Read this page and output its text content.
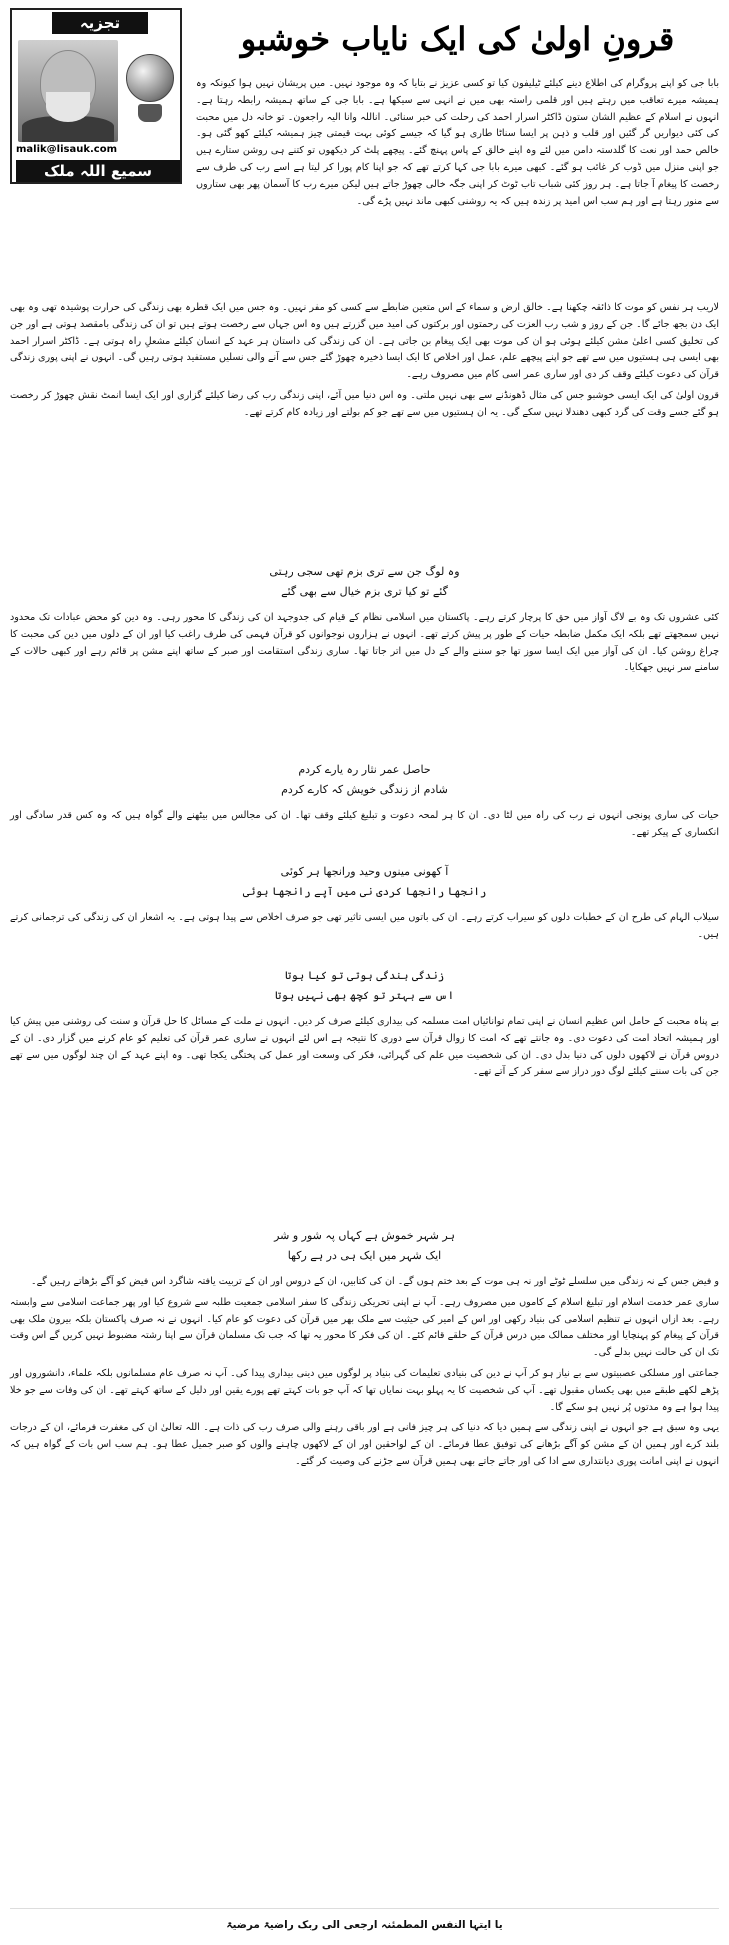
تجزیہ
malik@lisauk.com
سمیع اللہ ملک
قرونِ اولیٰ کی ایک نایاب خوشبو

بابا جی کو اپنے پروگرام کی اطلاع دینے کیلئے ٹیلیفون کیا تو کسی عزیز نے بتایا کہ وہ موجود نہیں۔ میں پریشان نہیں ہوا کیونکہ وہ ہمیشہ میرے تعاقب میں رہتے ہیں اور قلمی راستہ بھی میں نے انہی سے سیکھا ہے۔ بابا جی کے ساتھ ہمیشہ رابطہ رہتا ہے۔ انہوں نے اسلام کے عظیم الشان ستون ڈاکٹر اسرار احمد کی رحلت کی خبر سنائی۔ اناللہ وانا الیہ راجعون۔ تو خانہ دل میں محبت کی کئی دیواریں گر گئیں اور قلب و ذہن پر ایسا سناٹا طاری ہو گیا کہ جیسے کوئی بہت قیمتی چیز ہمیشہ کیلئے کھو گئی ہو۔ خالص حمد اور نعت کا گلدستہ دامن میں لئے وہ اپنے خالق کے پاس پہنچ گئے۔ پیچھے پلٹ کر دیکھوں تو کتنے ہی روشن ستارے ہیں جو اپنی منزل میں ڈوب کر غائب ہو گئے۔ کبھی میرے بابا جی کہا کرتے تھے کہ جو اپنا کام پورا کر لیتا ہے اسے رب کی طرف سے رخصت کا پیغام آ جاتا ہے۔ ہر روز کئی شباب تاب ٹوٹ کر اپنی جگہ خالی چھوڑ جاتے ہیں لیکن میرے رب کا آسمان پھر بھی ستاروں سے منور رہتا ہے اور ہم سب اس امید پر زندہ ہیں کہ یہ روشنی کبھی ماند نہیں پڑے گی۔

لاریب ہر نفس کو موت کا ذائقہ چکھنا ہے۔ خالق ارض و سماء کے اس متعین ضابطے سے کسی کو مفر نہیں۔ وہ جس میں ایک قطرہ بھی زندگی کی حرارت پوشیدہ تھی وہ بھی ایک دن بجھ جائے گا۔ جن کے روز و شب رب العزت کی رحمتوں اور برکتوں کی امید میں گزرتے ہیں وہ اس جہاں سے رخصت ہوتے ہیں تو ان کی زندگی بامقصد ہوتی ہے اور جن کی تخلیق کسی اعلیٰ مشن کیلئے ہوئی ہو ان کی موت بھی ایک پیغام بن جاتی ہے۔ ان کی زندگی کی داستان ہر عہد کے انسان کیلئے مشعلِ راہ ہوتی ہے۔ ڈاکٹر اسرار احمد بھی ایسی ہی ہستیوں میں سے تھے جو اپنے پیچھے علم، عمل اور اخلاص کا ایک ایسا ذخیرہ چھوڑ گئے جس سے آنے والی نسلیں مستفید ہوتی رہیں گی۔ انہوں نے اپنی پوری زندگی قرآن کی دعوت کیلئے وقف کر دی اور ساری عمر اسی کام میں مصروف رہے۔

قرون اولیٰ کی ایک ایسی خوشبو جس کی مثال ڈھونڈنے سے بھی نہیں ملتی۔ وہ اس دنیا میں آئے، اپنی زندگی رب کی رضا کیلئے گزاری اور ایک ایسا انمٹ نقش چھوڑ کر رخصت ہو گئے جسے وقت کی گرد کبھی دھندلا نہیں سکے گی۔ یہ ان ہستیوں میں سے تھے جو کم بولتے اور زیادہ کام کرتے تھے۔

وہ لوگ جن سے تری بزم تھی سجی رہتی
گئے تو کیا تری بزم خیال سے بھی گئے

کئی عشروں تک وہ بے لاگ آواز میں حق کا پرچار کرتے رہے۔ پاکستان میں اسلامی نظام کے قیام کی جدوجہد ان کی زندگی کا محور رہی۔ وہ دین کو محض عبادات تک محدود نہیں سمجھتے تھے بلکہ ایک مکمل ضابطہ حیات کے طور پر پیش کرتے تھے۔ انہوں نے ہزاروں نوجوانوں کو قرآن فہمی کی طرف راغب کیا اور ان کے دلوں میں دین کی محبت کا چراغ روشن کیا۔ ان کی آواز میں ایک ایسا سوز تھا جو سننے والے کے دل میں اتر جاتا تھا۔ ساری زندگی استقامت اور صبر کے ساتھ اپنے مشن پر قائم رہے اور کبھی حالات کے سامنے سر نہیں جھکایا۔

حاصل عمر نثار رہ یارے کردم
شادم از زندگی خویش کہ کارے کردم

حیات کی ساری پونجی انہوں نے رب کی راہ میں لٹا دی۔ ان کا ہر لمحہ دعوت و تبلیغ کیلئے وقف تھا۔ ان کی مجالس میں بیٹھنے والے گواہ ہیں کہ وہ کس قدر سادگی اور انکساری کے پیکر تھے۔

آ کھونی مینوں وحید ورانجھا ہر کوئی
رانجھا رانجھا کردی نی میں آپے رانجھا ہوئی

سیلاب الہام کی طرح ان کے خطبات دلوں کو سیراب کرتے رہے۔ ان کی باتوں میں ایسی تاثیر تھی جو صرف اخلاص سے پیدا ہوتی ہے۔ یہ اشعار ان کی زندگی کی ترجمانی کرتے ہیں۔

زندگی بندگی ہوتی تو کیا ہوتا
اس سے بہتر تو کچھ بھی نہیں ہوتا

بے پناہ محبت کے حامل اس عظیم انسان نے اپنی تمام توانائیاں امت مسلمہ کی بیداری کیلئے صرف کر دیں۔ انہوں نے ملت کے مسائل کا حل قرآن و سنت کی روشنی میں پیش کیا اور ہمیشہ اتحاد امت کی دعوت دی۔ وہ جانتے تھے کہ امت کا زوال قرآن سے دوری کا نتیجہ ہے اس لئے انہوں نے ساری عمر قرآن کی تعلیم کو عام کرنے میں گزار دی۔ ان کے دروس قرآن نے لاکھوں دلوں کی دنیا بدل دی۔ ان کی شخصیت میں علم کی گہرائی، فکر کی وسعت اور عمل کی پختگی یکجا تھی۔ وہ اپنے عہد کے ان چند لوگوں میں سے تھے جن کی بات سننے کیلئے لوگ دور دراز سے سفر کر کے آتے تھے۔

ہر شہر خموش ہے کہاں پہ شور و شر
ایک شہر میں ایک ہی در ہے رکھا

و فیض جس کے نہ زندگی میں سلسلے ٹوٹے اور نہ ہی موت کے بعد ختم ہوں گے۔ ان کی کتابیں، ان کے دروس اور ان کے تربیت یافتہ شاگرد اس فیض کو آگے بڑھاتے رہیں گے۔

ساری عمر خدمت اسلام اور تبلیغ اسلام کے کاموں میں مصروف رہے۔ آپ نے اپنی تحریکی زندگی کا سفر اسلامی جمعیت طلبہ سے شروع کیا اور پھر جماعت اسلامی سے وابستہ رہے۔ بعد ازاں انہوں نے تنظیم اسلامی کی بنیاد رکھی اور اس کے امیر کی حیثیت سے ملک بھر میں قرآن کی دعوت کو عام کیا۔ انہوں نے نہ صرف پاکستان بلکہ بیرون ملک بھی قرآن کے پیغام کو پہنچایا اور مختلف ممالک میں درس قرآن کے حلقے قائم کئے۔ ان کی فکر کا محور یہ تھا کہ جب تک مسلمان قرآن سے اپنا رشتہ مضبوط نہیں کریں گے اس وقت تک ان کی حالت نہیں بدلے گی۔

جماعتی اور مسلکی عصبیتوں سے بے نیاز ہو کر آپ نے دین کی بنیادی تعلیمات کی بنیاد پر لوگوں میں دینی بیداری پیدا کی۔ آپ نہ صرف عام مسلمانوں بلکہ علماء، دانشوروں اور پڑھے لکھے طبقے میں بھی یکساں مقبول تھے۔ آپ کی شخصیت کا یہ پہلو بہت نمایاں تھا کہ آپ جو بات کہتے تھے پورے یقین اور دلیل کے ساتھ کہتے تھے۔ ان کی وفات سے جو خلا پیدا ہوا ہے وہ مدتوں پُر نہیں ہو سکے گا۔

یہی وہ سبق ہے جو انہوں نے اپنی زندگی سے ہمیں دیا کہ دنیا کی ہر چیز فانی ہے اور باقی رہنے والی صرف رب کی ذات ہے۔ اللہ تعالیٰ ان کی مغفرت فرمائے، ان کے درجات بلند کرے اور ہمیں ان کے مشن کو آگے بڑھانے کی توفیق عطا فرمائے۔ ان کے لواحقین اور ان کے لاکھوں چاہنے والوں کو صبر جمیل عطا ہو۔ ہم سب اس بات کے گواہ ہیں کہ انہوں نے اپنی امانت پوری دیانتداری سے ادا کی اور جاتے جاتے بھی ہمیں قرآن سے جڑنے کی وصیت کر گئے۔

یا ایتہا النفس المطمئنہ ارجعی الی ربک راضیۃ مرضیۃ
